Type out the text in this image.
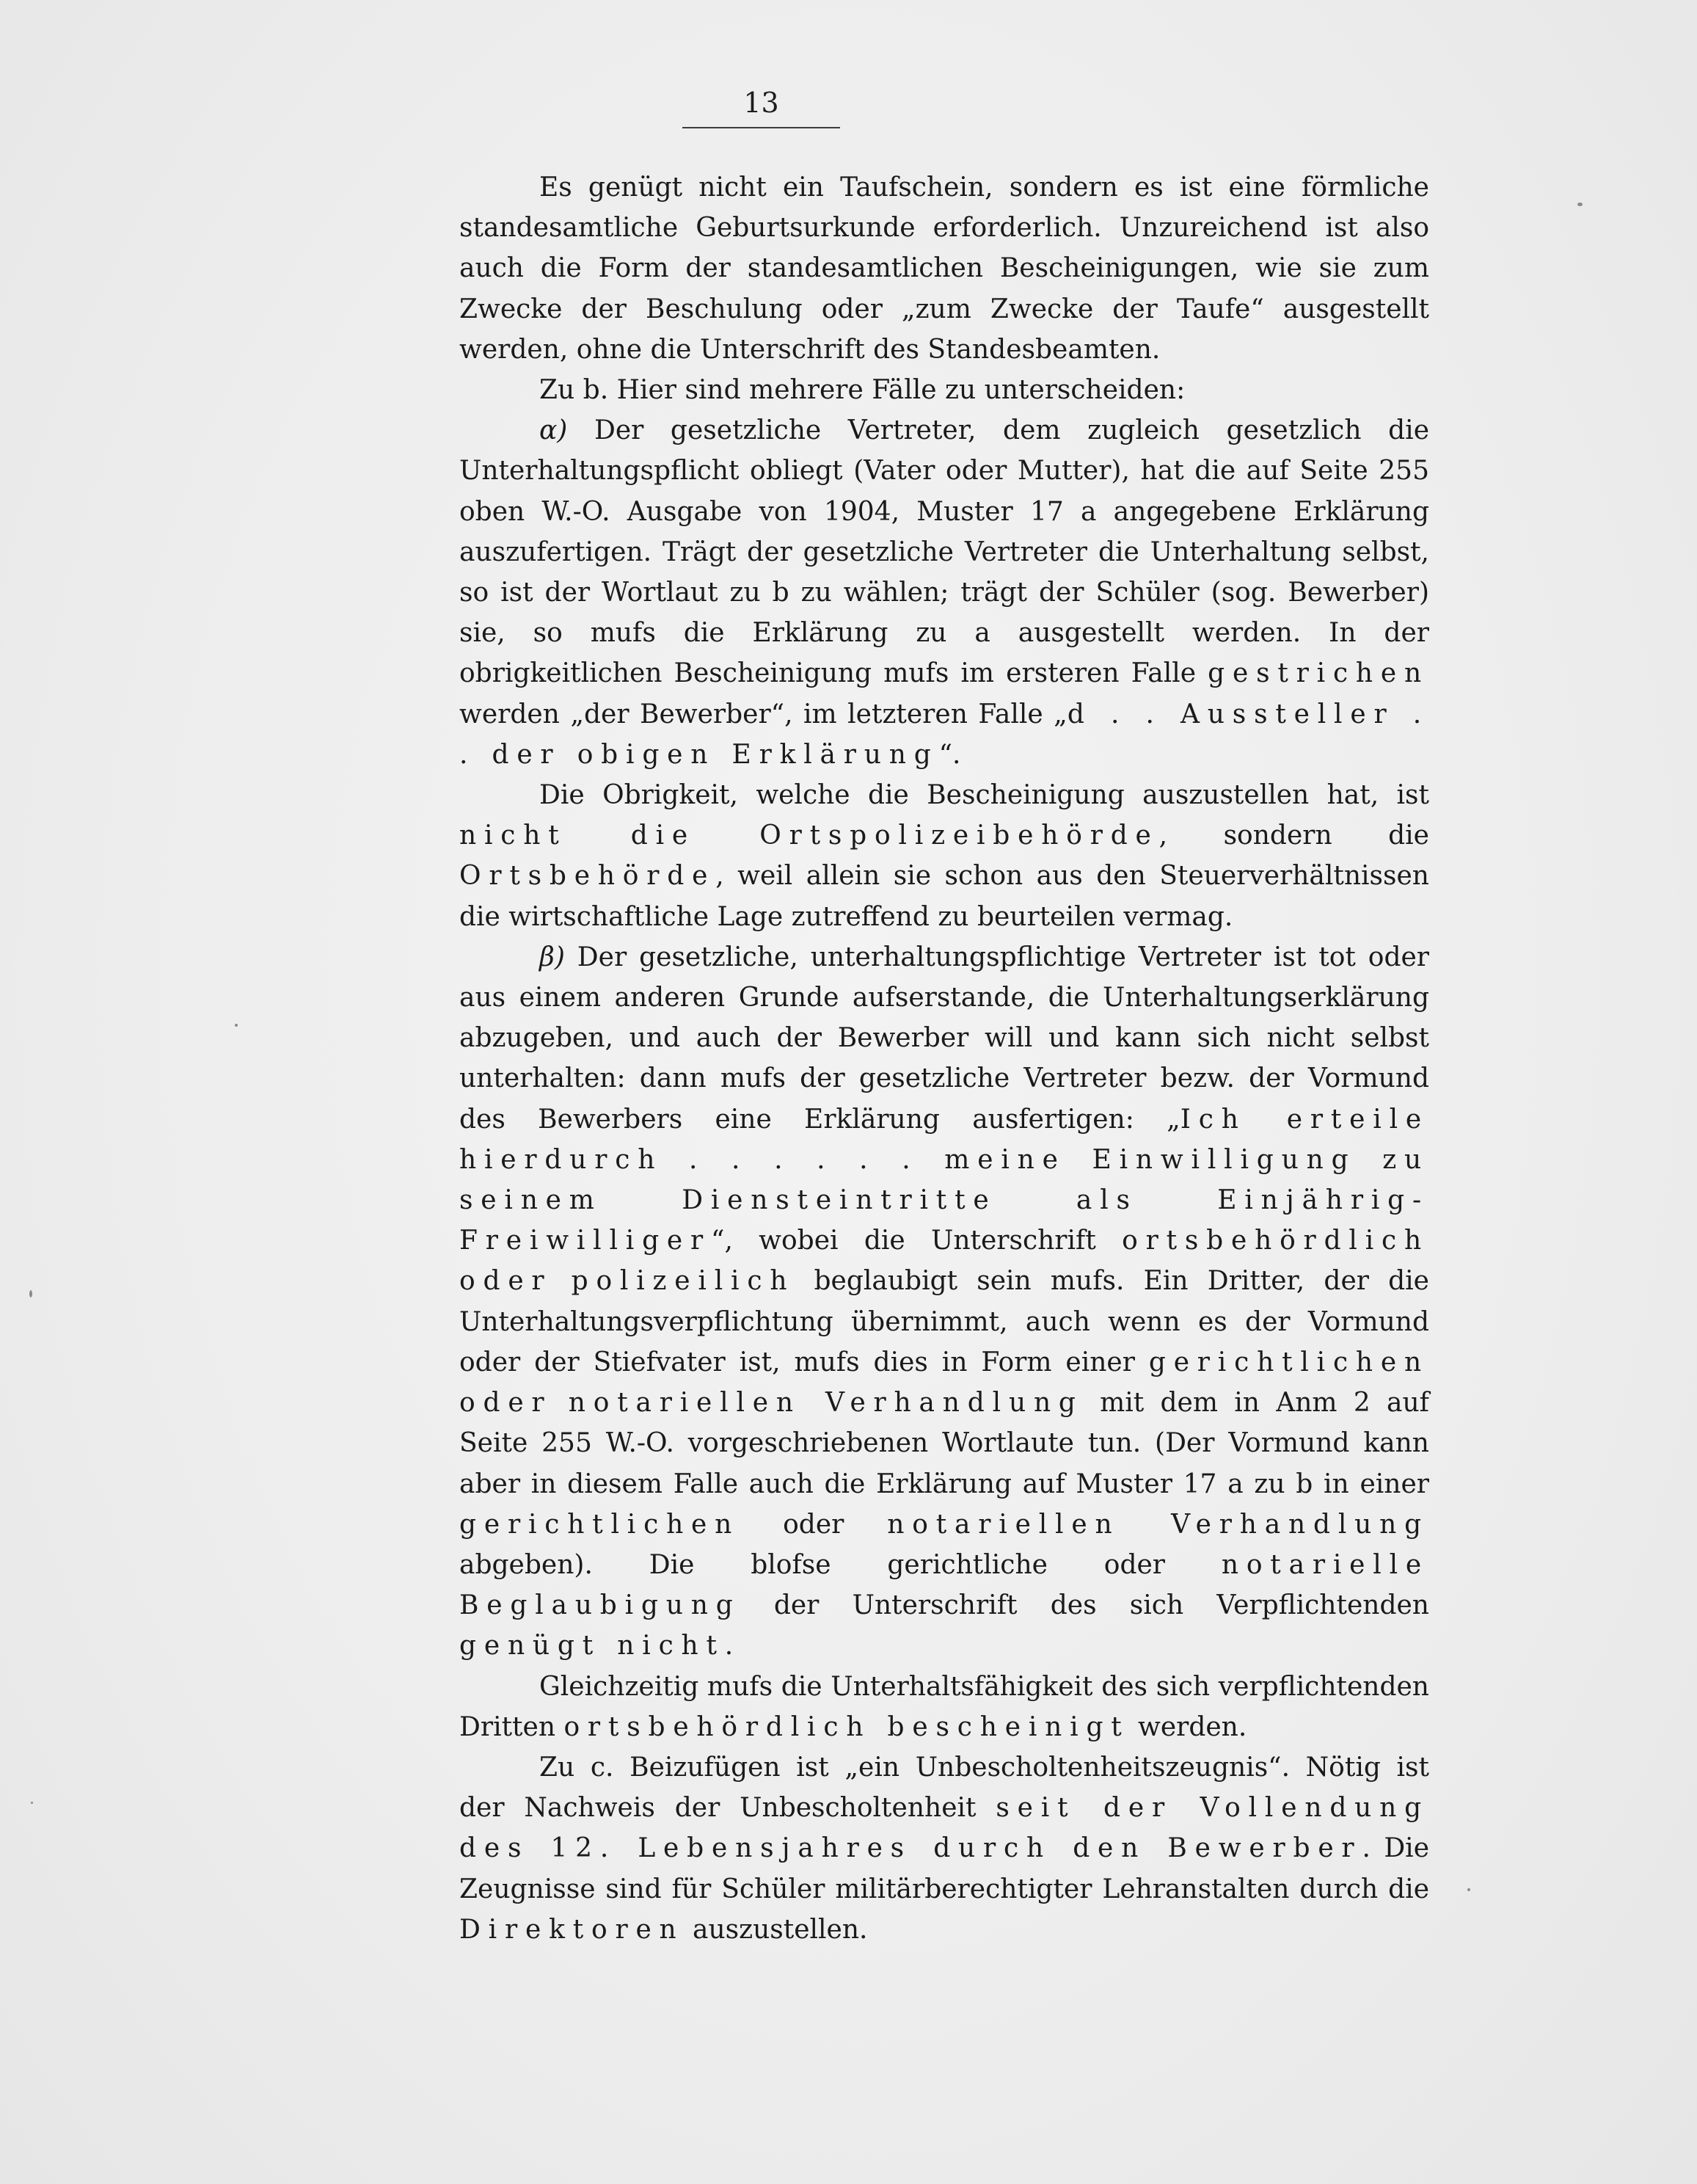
13

Es genügt nicht ein Taufschein, sondern es ist eine förmliche standesamtliche Geburtsurkunde erforderlich. Unzureichend ist also auch die Form der standesamtlichen Bescheinigungen, wie sie zum Zwecke der Beschulung oder „zum Zwecke der Taufe“ ausgestellt werden, ohne die Unterschrift des Standesbeamten.

Zu b. Hier sind mehrere Fälle zu unterscheiden:

α) Der gesetzliche Vertreter, dem zugleich gesetzlich die Unterhaltungspflicht obliegt (Vater oder Mutter), hat die auf Seite 255 oben W.-O. Ausgabe von 1904, Muster 17 a angegebene Erklärung auszufertigen. Trägt der gesetzliche Vertreter die Unterhaltung selbst, so ist der Wortlaut zu b zu wählen; trägt der Schüler (sog. Bewerber) sie, so mufs die Erklärung zu a ausgestellt werden. In der obrigkeitlichen Bescheinigung mufs im ersteren Falle gestrichen werden „der Bewerber“, im letzteren Falle „d . . Aussteller . . der obigen Erklärung“.

Die Obrigkeit, welche die Bescheinigung auszustellen hat, ist nicht die Ortspolizeibehörde, sondern die Ortsbehörde, weil allein sie schon aus den Steuerverhältnissen die wirtschaftliche Lage zutreffend zu beurteilen vermag.

β) Der gesetzliche, unterhaltungspflichtige Vertreter ist tot oder aus einem anderen Grunde aufserstande, die Unterhaltungserklärung abzugeben, und auch der Bewerber will und kann sich nicht selbst unterhalten: dann mufs der gesetzliche Vertreter bezw. der Vormund des Bewerbers eine Erklärung ausfertigen: „Ich erteile hierdurch . . . . . . meine Einwilligung zu seinem Diensteintritte als Einjährig-Freiwilliger“, wobei die Unterschrift ortsbehördlich oder polizeilich beglaubigt sein mufs. Ein Dritter, der die Unterhaltungsverpflichtung übernimmt, auch wenn es der Vormund oder der Stiefvater ist, mufs dies in Form einer gerichtlichen oder notariellen Verhandlung mit dem in Anm 2 auf Seite 255 W.-O. vorgeschriebenen Wortlaute tun. (Der Vormund kann aber in diesem Falle auch die Erklärung auf Muster 17 a zu b in einer gerichtlichen oder notariellen Verhandlung abgeben). Die blofse gerichtliche oder notarielle Beglaubigung der Unterschrift des sich Verpflichtenden genügt nicht.

Gleichzeitig mufs die Unterhaltsfähigkeit des sich verpflichtenden Dritten ortsbehördlich bescheinigt werden.

Zu c. Beizufügen ist „ein Unbescholtenheitszeugnis“. Nötig ist der Nachweis der Unbescholtenheit seit der Vollendung des 12. Lebensjahres durch den Bewerber. Die Zeugnisse sind für Schüler militärberechtigter Lehranstalten durch die Direktoren auszustellen.
